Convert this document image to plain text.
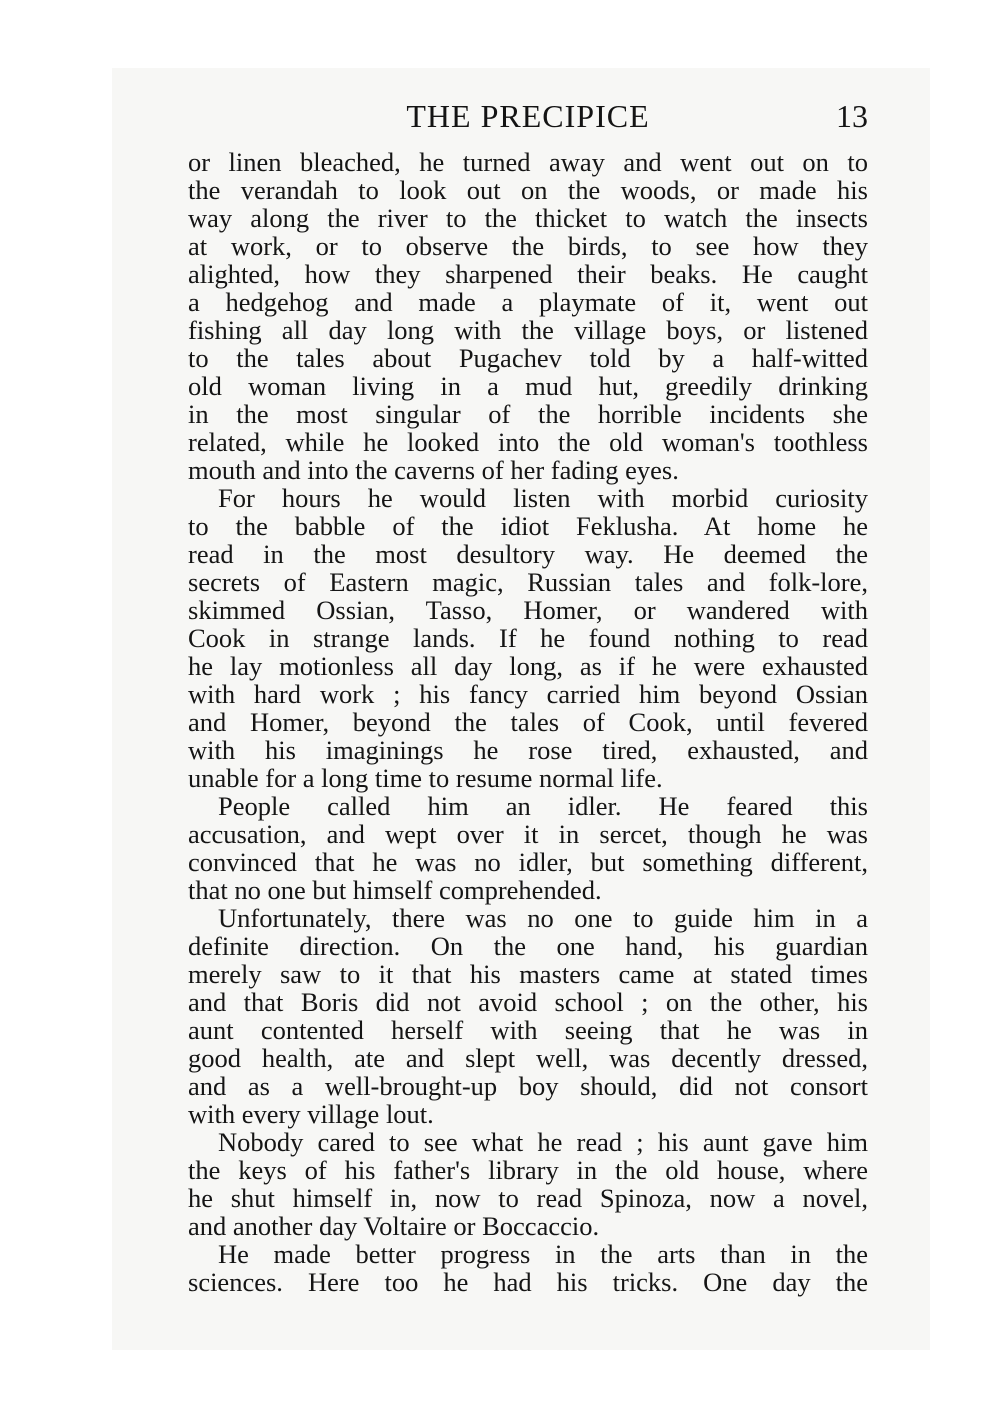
THE PRECIPICE	13
or linen bleached, he turned away and went out on to
the verandah to look out on the woods, or made his
way along the river to the thicket to watch the insects
at work, or to observe the birds, to see how they
alighted, how they sharpened their beaks. He caught
a hedgehog and made a playmate of it, went out
fishing all day long with the village boys, or listened
to the tales about Pugachev told by a half-witted
old woman living in a mud hut, greedily drinking
in the most singular of the horrible incidents she
related, while he looked into the old woman's toothless
mouth and into the caverns of her fading eyes.
For hours he would listen with morbid curiosity
to the babble of the idiot Feklusha. At home he
read in the most desultory way. He deemed the
secrets of Eastern magic, Russian tales and folk-lore,
skimmed Ossian, Tasso, Homer, or wandered with
Cook in strange lands. If he found nothing to read
he lay motionless all day long, as if he were exhausted
with hard work ; his fancy carried him beyond Ossian
and Homer, beyond the tales of Cook, until fevered
with his imaginings he rose tired, exhausted, and
unable for a long time to resume normal life.
People called him an idler. He feared this
accusation, and wept over it in sercet, though he was
convinced that he was no idler, but something different,
that no one but himself comprehended.
Unfortunately, there was no one to guide him in a
definite direction. On the one hand, his guardian
merely saw to it that his masters came at stated times
and that Boris did not avoid school ; on the other, his
aunt contented herself with seeing that he was in
good health, ate and slept well, was decently dressed,
and as a well-brought-up boy should, did not consort
with every village lout.
Nobody cared to see what he read ; his aunt gave him
the keys of his father's library in the old house, where
he shut himself in, now to read Spinoza, now a novel,
and another day Voltaire or Boccaccio.
He made better progress in the arts than in the
sciences. Here too he had his tricks. One day the
